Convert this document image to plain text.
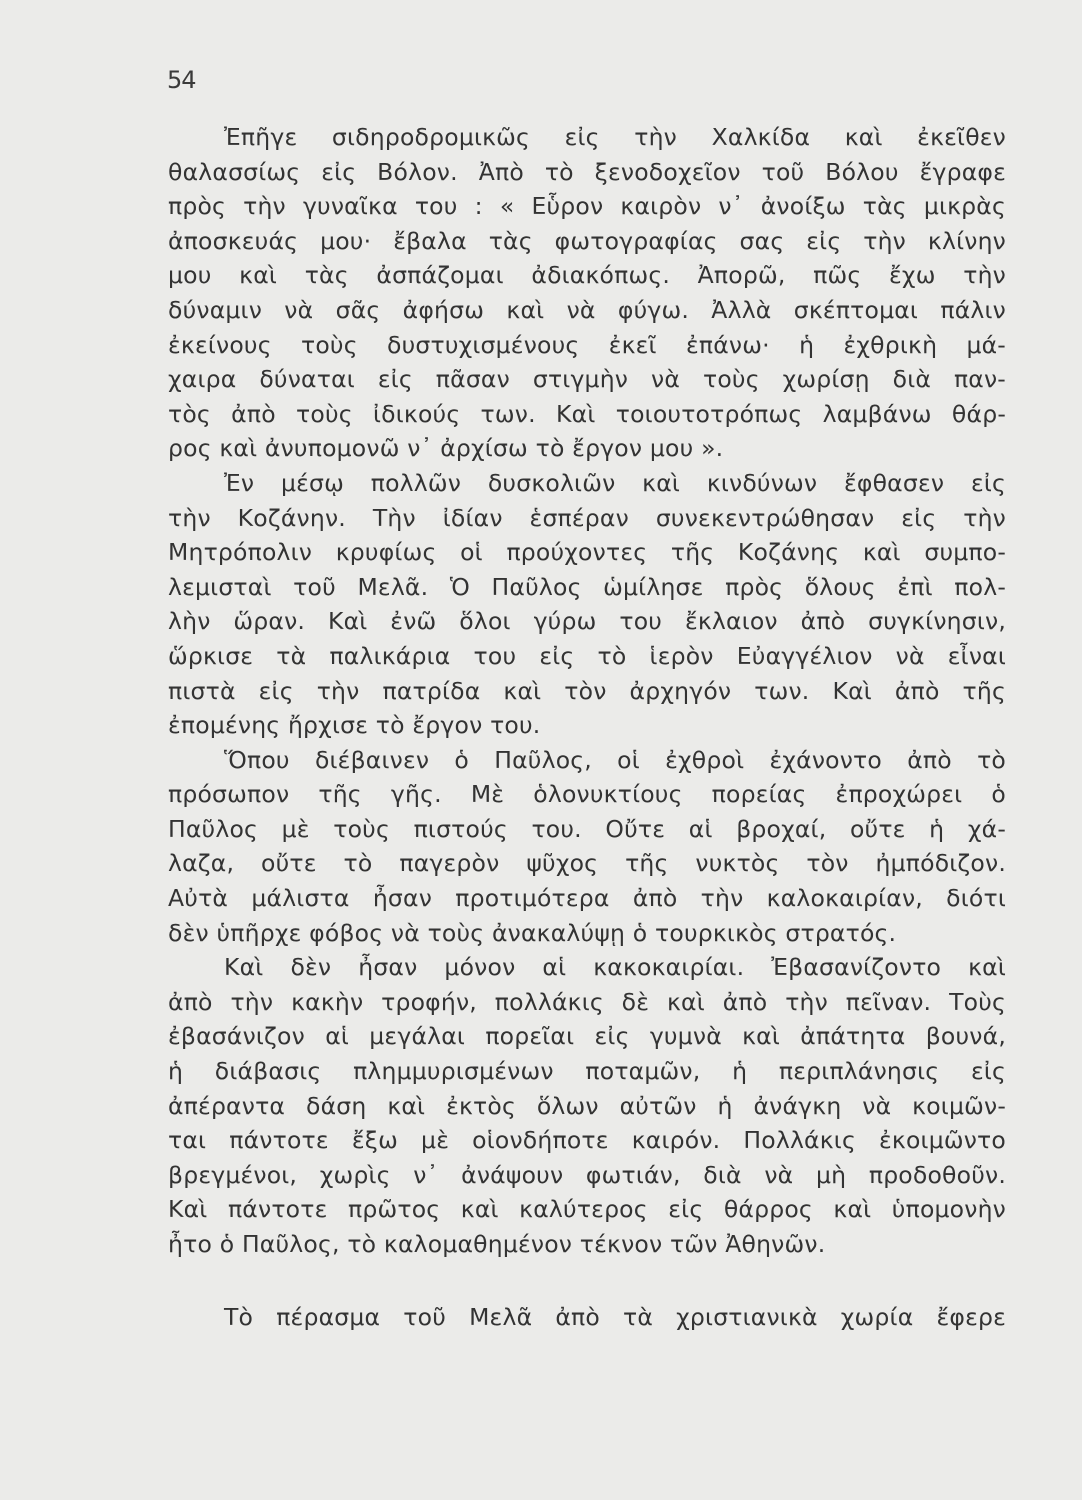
54
Ἐπῆγε σιδηροδρομικῶς εἰς τὴν Χαλκίδα καὶ ἐκεῖθεν
θαλασσίως εἰς Βόλον. Ἀπὸ τὸ ξενοδοχεῖον τοῦ Βόλου ἔγραφε
πρὸς τὴν γυναῖκα του : « Εὗρον καιρὸν ν᾽ ἀνοίξω τὰς μικρὰς
ἀποσκευάς μου· ἔβαλα τὰς φωτογραφίας σας εἰς τὴν κλίνην
μου καὶ τὰς ἀσπάζομαι ἀδιακόπως. Ἀπορῶ, πῶς ἔχω τὴν
δύναμιν νὰ σᾶς ἀφήσω καὶ νὰ φύγω. Ἀλλὰ σκέπτομαι πάλιν
ἐκείνους τοὺς δυστυχισμένους ἐκεῖ ἐπάνω· ἡ ἐχθρικὴ μά-
χαιρα δύναται εἰς πᾶσαν στιγμὴν νὰ τοὺς χωρίσῃ διὰ παν-
τὸς ἀπὸ τοὺς ἰδικούς των. Καὶ τοιουτοτρόπως λαμβάνω θάρ-
ρος καὶ ἀνυπομονῶ ν᾽ ἀρχίσω τὸ ἔργον μου ».
Ἐν μέσῳ πολλῶν δυσκολιῶν καὶ κινδύνων ἔφθασεν εἰς
τὴν Κοζάνην. Τὴν ἰδίαν ἑσπέραν συνεκεντρώθησαν εἰς τὴν
Μητρόπολιν κρυφίως οἱ προύχοντες τῆς Κοζάνης καὶ συμπο-
λεμισταὶ τοῦ Μελᾶ. Ὁ Παῦλος ὡμίλησε πρὸς ὅλους ἐπὶ πολ-
λὴν ὥραν. Καὶ ἐνῶ ὅλοι γύρω του ἔκλαιον ἀπὸ συγκίνησιν,
ὥρκισε τὰ παλικάρια του εἰς τὸ ἱερὸν Εὐαγγέλιον νὰ εἶναι
πιστὰ εἰς τὴν πατρίδα καὶ τὸν ἀρχηγόν των. Καὶ ἀπὸ τῆς
ἐπομένης ἤρχισε τὸ ἔργον του.
Ὅπου διέβαινεν ὁ Παῦλος, οἱ ἐχθροὶ ἐχάνοντο ἀπὸ τὸ
πρόσωπον τῆς γῆς. Μὲ ὁλονυκτίους πορείας ἐπροχώρει ὁ
Παῦλος μὲ τοὺς πιστούς του. Οὔτε αἱ βροχαί, οὔτε ἡ χά-
λαζα, οὔτε τὸ παγερὸν ψῦχος τῆς νυκτὸς τὸν ἠμπόδιζον.
Αὐτὰ μάλιστα ἦσαν προτιμότερα ἀπὸ τὴν καλοκαιρίαν, διότι
δὲν ὑπῆρχε φόβος νὰ τοὺς ἀνακαλύψῃ ὁ τουρκικὸς στρατός.
Καὶ δὲν ἦσαν μόνον αἱ κακοκαιρίαι. Ἐβασανίζοντο καὶ
ἀπὸ τὴν κακὴν τροφήν, πολλάκις δὲ καὶ ἀπὸ τὴν πεῖναν. Τοὺς
ἐβασάνιζον αἱ μεγάλαι πορεῖαι εἰς γυμνὰ καὶ ἀπάτητα βουνά,
ἡ διάβασις πλημμυρισμένων ποταμῶν, ἡ περιπλάνησις εἰς
ἀπέραντα δάση καὶ ἐκτὸς ὅλων αὐτῶν ἡ ἀνάγκη νὰ κοιμῶν-
ται πάντοτε ἔξω μὲ οἱονδήποτε καιρόν. Πολλάκις ἐκοιμῶντο
βρεγμένοι, χωρὶς ν᾽ ἀνάψουν φωτιάν, διὰ νὰ μὴ προδοθοῦν.
Καὶ πάντοτε πρῶτος καὶ καλύτερος εἰς θάρρος καὶ ὑπομονὴν
ἦτο ὁ Παῦλος, τὸ καλομαθημένον τέκνον τῶν Ἀθηνῶν.
Τὸ πέρασμα τοῦ Μελᾶ ἀπὸ τὰ χριστιανικὰ χωρία ἔφερε
